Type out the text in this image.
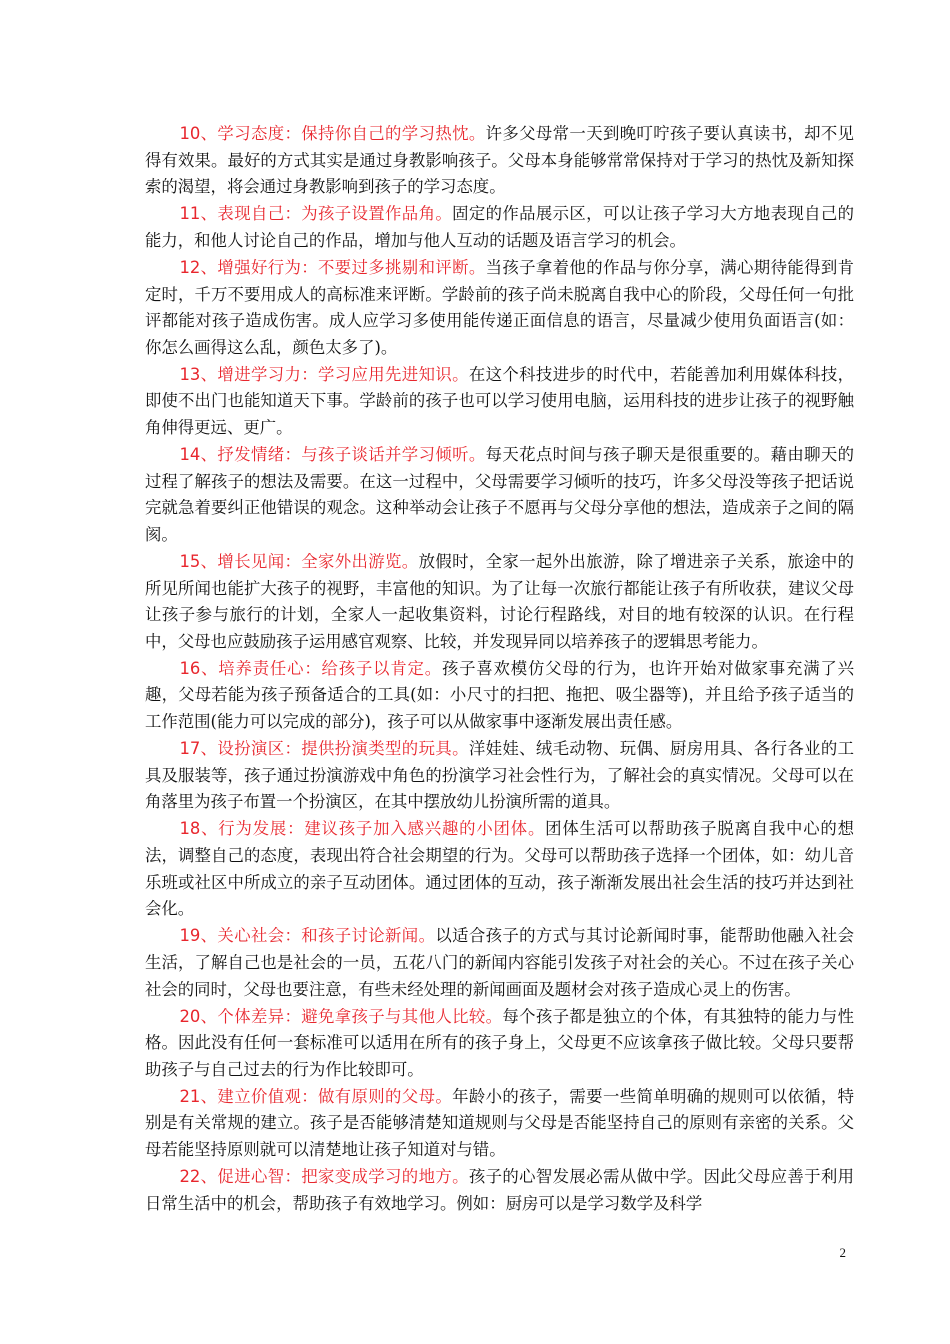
10、学习态度：保持你自己的学习热忱。许多父母常一天到晚叮咛孩子要认真读书，却不见得有效果。最好的方式其实是通过身教影响孩子。父母本身能够常常保持对于学习的热忱及新知探索的渴望，将会通过身教影响到孩子的学习态度。

11、表现自己：为孩子设置作品角。固定的作品展示区，可以让孩子学习大方地表现自己的能力，和他人讨论自己的作品，增加与他人互动的话题及语言学习的机会。

12、增强好行为：不要过多挑剔和评断。当孩子拿着他的作品与你分享，满心期待能得到肯定时，千万不要用成人的高标准来评断。学龄前的孩子尚未脱离自我中心的阶段，父母任何一句批评都能对孩子造成伤害。成人应学习多使用能传递正面信息的语言，尽量减少使用负面语言(如：你怎么画得这么乱，颜色太多了)。

13、增进学习力：学习应用先进知识。在这个科技进步的时代中，若能善加利用媒体科技，即使不出门也能知道天下事。学龄前的孩子也可以学习使用电脑，运用科技的进步让孩子的视野触角伸得更远、更广。

14、抒发情绪：与孩子谈话并学习倾听。每天花点时间与孩子聊天是很重要的。藉由聊天的过程了解孩子的想法及需要。在这一过程中，父母需要学习倾听的技巧，许多父母没等孩子把话说完就急着要纠正他错误的观念。这种举动会让孩子不愿再与父母分享他的想法，造成亲子之间的隔阂。

15、增长见闻：全家外出游览。放假时，全家一起外出旅游，除了增进亲子关系，旅途中的所见所闻也能扩大孩子的视野，丰富他的知识。为了让每一次旅行都能让孩子有所收获，建议父母让孩子参与旅行的计划，全家人一起收集资料，讨论行程路线，对目的地有较深的认识。在行程中，父母也应鼓励孩子运用感官观察、比较，并发现异同以培养孩子的逻辑思考能力。

16、培养责任心：给孩子以肯定。孩子喜欢模仿父母的行为，也许开始对做家事充满了兴趣，父母若能为孩子预备适合的工具(如：小尺寸的扫把、拖把、吸尘器等)，并且给予孩子适当的工作范围(能力可以完成的部分)，孩子可以从做家事中逐渐发展出责任感。

17、设扮演区：提供扮演类型的玩具。洋娃娃、绒毛动物、玩偶、厨房用具、各行各业的工具及服装等，孩子通过扮演游戏中角色的扮演学习社会性行为，了解社会的真实情况。父母可以在角落里为孩子布置一个扮演区，在其中摆放幼儿扮演所需的道具。

18、行为发展：建议孩子加入感兴趣的小团体。团体生活可以帮助孩子脱离自我中心的想法，调整自己的态度，表现出符合社会期望的行为。父母可以帮助孩子选择一个团体，如：幼儿音乐班或社区中所成立的亲子互动团体。通过团体的互动，孩子渐渐发展出社会生活的技巧并达到社会化。

19、关心社会：和孩子讨论新闻。以适合孩子的方式与其讨论新闻时事，能帮助他融入社会生活，了解自己也是社会的一员，五花八门的新闻内容能引发孩子对社会的关心。不过在孩子关心社会的同时，父母也要注意，有些未经处理的新闻画面及题材会对孩子造成心灵上的伤害。

20、个体差异：避免拿孩子与其他人比较。每个孩子都是独立的个体，有其独特的能力与性格。因此没有任何一套标准可以适用在所有的孩子身上，父母更不应该拿孩子做比较。父母只要帮助孩子与自己过去的行为作比较即可。

21、建立价值观：做有原则的父母。年龄小的孩子，需要一些简单明确的规则可以依循，特别是有关常规的建立。孩子是否能够清楚知道规则与父母是否能坚持自己的原则有亲密的关系。父母若能坚持原则就可以清楚地让孩子知道对与错。

22、促进心智：把家变成学习的地方。孩子的心智发展必需从做中学。因此父母应善于利用日常生活中的机会，帮助孩子有效地学习。例如：厨房可以是学习数学及科学

2
